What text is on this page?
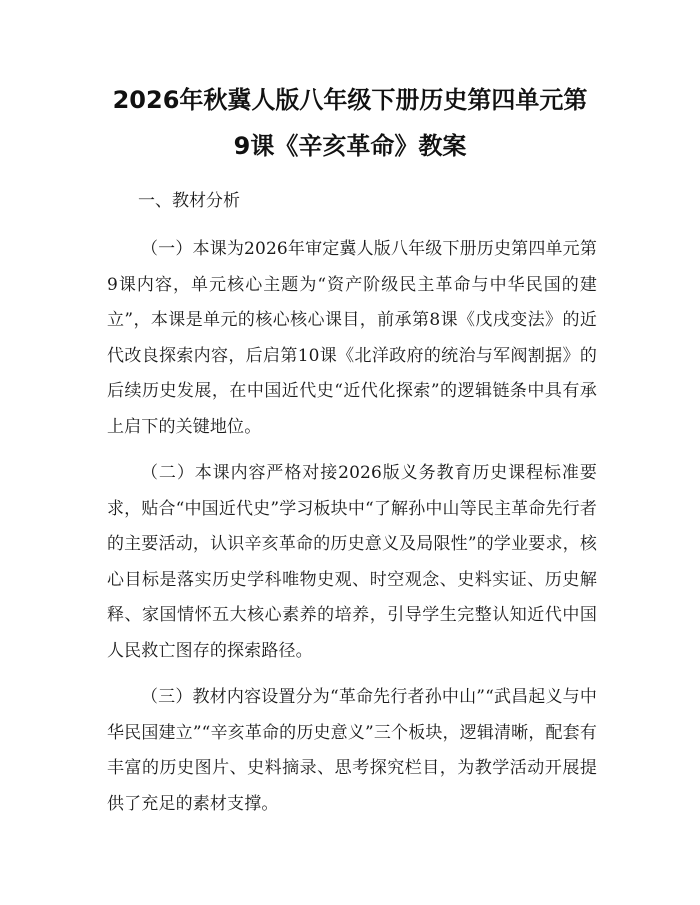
2026年秋冀人版八年级下册历史第四单元第
9课《辛亥革命》教案

一、教材分析

（一）本课为2026年审定冀人版八年级下册历史第四单元第9课内容，单元核心主题为“资产阶级民主革命与中华民国的建立”，本课是单元的核心核心课目，前承第8课《戊戌变法》的近代改良探索内容，后启第10课《北洋政府的统治与军阀割据》的后续历史发展，在中国近代史“近代化探索”的逻辑链条中具有承上启下的关键地位。

（二）本课内容严格对接2026版义务教育历史课程标准要求，贴合“中国近代史”学习板块中“了解孙中山等民主革命先行者的主要活动，认识辛亥革命的历史意义及局限性”的学业要求，核心目标是落实历史学科唯物史观、时空观念、史料实证、历史解释、家国情怀五大核心素养的培养，引导学生完整认知近代中国人民救亡图存的探索路径。

（三）教材内容设置分为“革命先行者孙中山”“武昌起义与中华民国建立”“辛亥革命的历史意义”三个板块，逻辑清晰，配套有丰富的历史图片、史料摘录、思考探究栏目，为教学活动开展提供了充足的素材支撑。
